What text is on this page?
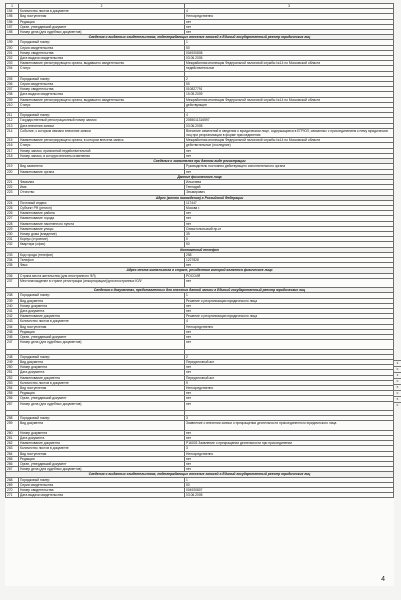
1	2	3
194	Количество листов в документе	4
195	Вид поступления	Непосредственно
196	Редакция	нет
197	Орган, утвердивший документ	нет
198	Номер дела (для судебных документов)	нет
Сведения о выданных свидетельствах, подтверждающих внесение записей в Единый государственный реестр юридических лиц		
199	Порядковый номер	1
200	Серия свидетельства	50
201	Номер свидетельства	004920808
202	Дата выдачи свидетельства	03.06.2005
203	Наименование регистрирующего органа, выдавшего свидетельство	Межрайонная инспекция Федеральной налоговой службы №14 по Московской области
204	Статус	недействительное

205	Порядковый номер	2
206	Серия свидетельства	50
207	Номер свидетельства	010827791
208	Дата выдачи свидетельства	15.05.2009
209	Наименование регистрирующего органа, выдавшего свидетельство	Межрайонная инспекция Федеральной налоговой службы №14 по Московской области
210	Статус	действующее

211	Порядковый номер	4
212	Государственный регистрационный номер записи	2055011316597
213	Дата внесения записи	03.06.2005
214	Событие, с которым связано внесение записи	Внесение изменений в сведения о юридическом лице, содержащиеся в ЕГРЮЛ, связанных с присоединением к нему юридических лиц при реорганизации в форме присоединения
215	Наименование регистрирующего органа, в котором внесена запись	Межрайонная инспекция Федеральной налоговой службы №14 по Московской области
216	Статус	действительные (последние)
217	Номер записи, признанной недействительной	нет
218	Номер записи, в которую внесены изменения	нет
Сведения о заявителях при данном виде регистрации		
219	Вид заявителя	Руководитель постоянно действующего исполнительного органа
220	Наименование органа	нет
Данные физического лица		
221	Фамилия	Ильичева
222	Имя	Геннадий
223	Отчество	Эльмирович
Адрес (место нахождения) в Российской Федерации		
224	Почтовый индекс	117447
225	Субъект РФ (регион)	Москва г.
226	Наименование района	нет
227	Наименование города	нет
228	Наименование населенного пункта	нет
229	Наименование улицы	Севастопольский пр-кт
230	Номер дома (владение)	39
231	Корпус (строение)	0
232	Квартира (офис)	50
Контактный телефон		
233	Код города (телефон)	258
234	Телефон	1227828
235	Факс	нет
Адрес места жительства в стране, резидентом которой является физическое лицо		
236	Страна места жительства (для иностранного ФЛ)	РОССИЯ
237	Местонахождение в стране регистрации (инкорпорации)/для иностранных ЮЛ/	нет
Сведения о документах, представленных для внесения данной записи в Единый государственный реестр юридических лиц		
238	Порядковый номер	1
239	Вид документа	Решение о реорганизации юридического лица
240	Номер документа	нет
241	Дата документа	нет
242	Наименование документа	Решение о реорганизации юридического лица
243	Количество листов в документе	4
244	Вид поступления	Непосредственно
245	Редакция	нет
246	Орган, утвердивший документ	нет
247	Номер дела (для судебных документов)	нет

248	Порядковый номер	2
249	Вид документа	Передаточный акт
250	Номер документа	нет
251	Дата документа	нет
252	Наименование документа	Передаточный акт
253	Количество листов в документе	9
254	Вид поступления	Непосредственно
255	Редакция	нет
256	Орган, утвердивший документ	нет
257	Номер дела (для судебных документов)	нет

258	Порядковый номер	3
259	Вид документа	Заявление о внесении записи о прекращении деятельности присоединенного юридического лица
260	Номер документа	нет
261	Дата документа	нет
262	Наименование документа	Р16003 Заявление о прекращении деятельности при присоединении
263	Количество листов в документе	3
264	Вид поступления	Непосредственно
265	Редакция	нет
266	Орган, утвердивший документ	нет
267	Номер дела (для судебных документов)	нет
Сведения о выданных свидетельствах, подтверждающих внесение записей в Единый государственный реестр юридических лиц		
268	Порядковый номер	1
269	Серия свидетельства	50
270	Номер свидетельства	004920807
271	Дата выдачи свидетельства	03.06.2005
4
9
0
3
0
5
0
5
0
